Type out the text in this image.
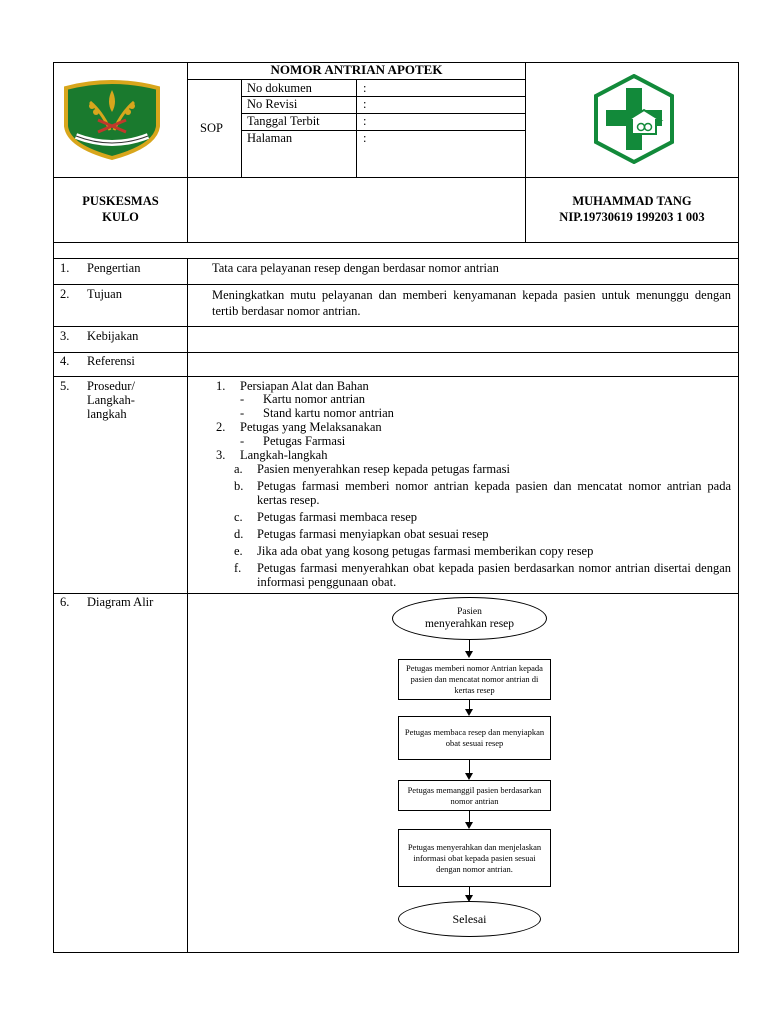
NOMOR ANTRIAN APOTEK
SOP
No dokumen	:
No Revisi	:
Tanggal Terbit	:
Halaman	:
PUSKESMAS
KULO
MUHAMMAD TANG
NIP.19730619 199203 1 003
1. Pengertian	Tata cara pelayanan resep dengan berdasar nomor antrian
2. Tujuan	Meningkatkan mutu pelayanan dan memberi kenyamanan kepada pasien untuk menunggu dengan tertib berdasar nomor antrian.
3. Kebijakan
4. Referensi
5. Prosedur/
Langkah-
langkah
1. Persiapan Alat dan Bahan
- Kartu nomor antrian
- Stand kartu nomor antrian
2. Petugas yang Melaksanakan
- Petugas Farmasi
3. Langkah-langkah
a. Pasien menyerahkan resep kepada petugas farmasi
b. Petugas farmasi memberi nomor antrian kepada pasien dan mencatat nomor antrian pada kertas resep.
c. Petugas farmasi membaca resep
d. Petugas farmasi menyiapkan obat sesuai resep
e. Jika ada obat yang kosong petugas farmasi memberikan copy resep
f. Petugas farmasi menyerahkan obat kepada pasien berdasarkan nomor antrian disertai dengan informasi penggunaan obat.
6. Diagram Alir
Pasien
menyerahkan resep
Petugas memberi nomor Antrian kepada pasien dan mencatat nomor antrian di kertas resep
Petugas membaca resep dan menyiapkan obat sesuai resep
Petugas memanggil pasien berdasarkan nomor antrian
Petugas menyerahkan dan menjelaskan informasi obat kepada pasien sesuai dengan nomor antrian.
Selesai
